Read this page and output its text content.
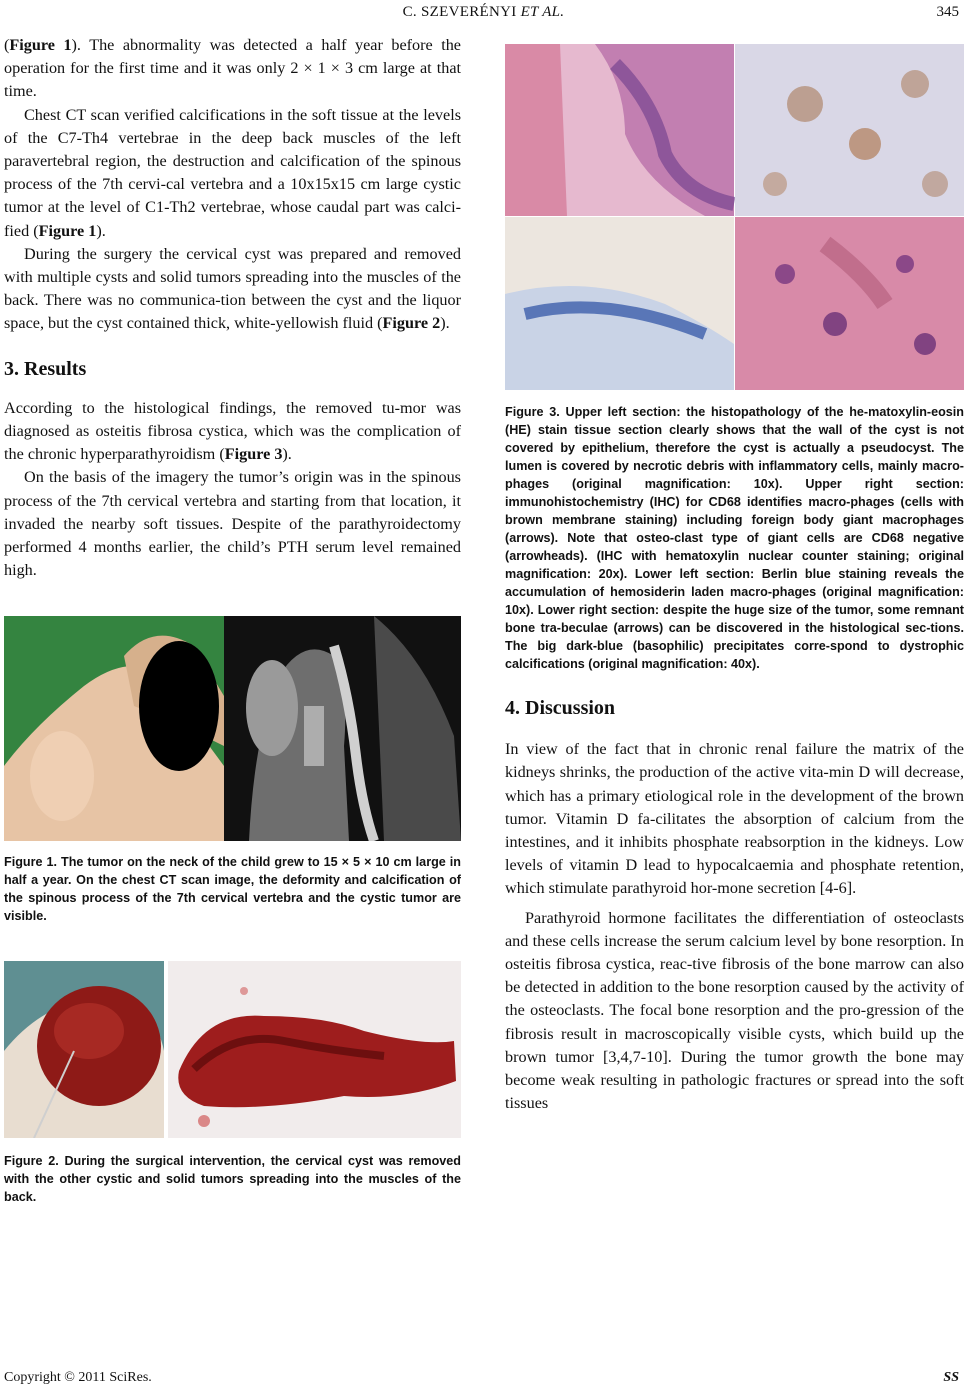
C. SZEVERÉNYI ET AL.	345

(Figure 1). The abnormality was detected a half year before the operation for the first time and it was only 2 × 1 × 3 cm large at that time.

Chest CT scan verified calcifications in the soft tissue at the levels of the C7-Th4 vertebrae in the deep back muscles of the left paravertebral region, the destruction and calcification of the spinous process of the 7th cervi-cal vertebra and a 10x15x15 cm large cystic tumor at the level of C1-Th2 vertebrae, whose caudal part was calci-fied (Figure 1).

During the surgery the cervical cyst was prepared and removed with multiple cysts and solid tumors spreading into the muscles of the back. There was no communica-tion between the cyst and the liquor space, but the cyst contained thick, white-yellowish fluid (Figure 2).

3. Results

According to the histological findings, the removed tu-mor was diagnosed as osteitis fibrosa cystica, which was the complication of the chronic hyperparathyroidism (Figure 3).

On the basis of the imagery the tumor’s origin was in the spinous process of the 7th cervical vertebra and starting from that location, it invaded the nearby soft tissues. Despite of the parathyroidectomy performed 4 months earlier, the child’s PTH serum level remained high.

Figure 1. The tumor on the neck of the child grew to 15 × 5 × 10 cm large in half a year. On the chest CT scan image, the deformity and calcification of the spinous process of the 7th cervical vertebra and the cystic tumor are visible.

Figure 2. During the surgical intervention, the cervical cyst was removed with the other cystic and solid tumors spreading into the muscles of the back.

Figure 3. Upper left section: the histopathology of the he-matoxylin-eosin (HE) stain tissue section clearly shows that the wall of the cyst is not covered by epithelium, therefore the cyst is actually a pseudocyst. The lumen is covered by necrotic debris with inflammatory cells, mainly macro-phages (original magnification: 10x). Upper right section: immunohistochemistry (IHC) for CD68 identifies macro-phages (cells with brown membrane staining) including foreign body giant macrophages (arrows). Note that osteo-clast type of giant cells are CD68 negative (arrowheads). (IHC with hematoxylin nuclear counter staining; original magnification: 20x). Lower left section: Berlin blue staining reveals the accumulation of hemosiderin laden macro-phages (original magnification: 10x). Lower right section: despite the huge size of the tumor, some remnant bone tra-beculae (arrows) can be discovered in the histological sec-tions. The big dark-blue (basophilic) precipitates corre-spond to dystrophic calcifications (original magnification: 40x).

4. Discussion

In view of the fact that in chronic renal failure the matrix of the kidneys shrinks, the production of the active vita-min D will decrease, which has a primary etiological role in the development of the brown tumor. Vitamin D fa-cilitates the absorption of calcium from the intestines, and it inhibits phosphate reabsorption in the kidneys. Low levels of vitamin D lead to hypocalcaemia and phosphate retention, which stimulate parathyroid hor-mone secretion [4-6].

Parathyroid hormone facilitates the differentiation of osteoclasts and these cells increase the serum calcium level by bone resorption. In osteitis fibrosa cystica, reac-tive fibrosis of the bone marrow can also be detected in addition to the bone resorption caused by the activity of the osteoclasts. The focal bone resorption and the pro-gression of the fibrosis result in macroscopically visible cysts, which build up the brown tumor [3,4,7-10]. During the tumor growth the bone may become weak resulting in pathologic fractures or spread into the soft tissues

Copyright © 2011 SciRes.	SS
